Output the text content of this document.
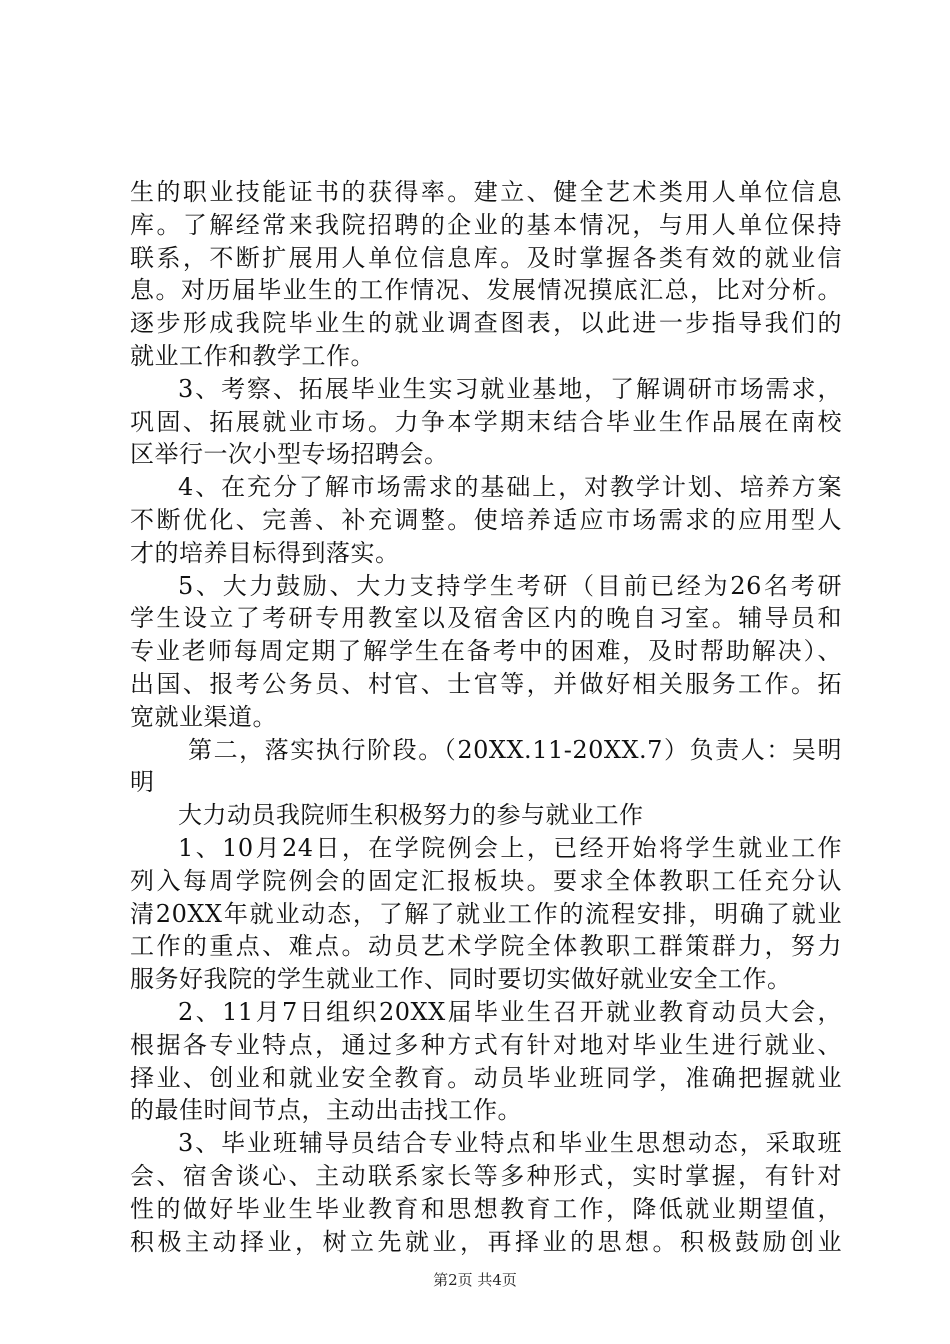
生的职业技能证书的获得率。建立、健全艺术类用人单位信息
库。了解经常来我院招聘的企业的基本情况，与用人单位保持
联系，不断扩展用人单位信息库。及时掌握各类有效的就业信
息。对历届毕业生的工作情况、发展情况摸底汇总，比对分析。
逐步形成我院毕业生的就业调查图表，以此进一步指导我们的
就业工作和教学工作。
3、考察、拓展毕业生实习就业基地，了解调研市场需求，
巩固、拓展就业市场。力争本学期末结合毕业生作品展在南校
区举行一次小型专场招聘会。
4、在充分了解市场需求的基础上，对教学计划、培养方案
不断优化、完善、补充调整。使培养适应市场需求的应用型人
才的培养目标得到落实。
5、大力鼓励、大力支持学生考研（目前已经为26名考研
学生设立了考研专用教室以及宿舍区内的晚自习室。辅导员和
专业老师每周定期了解学生在备考中的困难，及时帮助解决）、
出国、报考公务员、村官、士官等，并做好相关服务工作。拓
宽就业渠道。
第二，落实执行阶段。（20XX.11-20XX.7）负责人：吴明
明
大力动员我院师生积极努力的参与就业工作
1、10月24日，在学院例会上，已经开始将学生就业工作
列入每周学院例会的固定汇报板块。要求全体教职工任充分认
清20XX年就业动态，了解了就业工作的流程安排，明确了就业
工作的重点、难点。动员艺术学院全体教职工群策群力，努力
服务好我院的学生就业工作、同时要切实做好就业安全工作。
2、11月7日组织20XX届毕业生召开就业教育动员大会，
根据各专业特点，通过多种方式有针对地对毕业生进行就业、
择业、创业和就业安全教育。动员毕业班同学，准确把握就业
的最佳时间节点，主动出击找工作。
3、毕业班辅导员结合专业特点和毕业生思想动态，采取班
会、宿舍谈心、主动联系家长等多种形式，实时掌握，有针对
性的做好毕业生毕业教育和思想教育工作，降低就业期望值，
积极主动择业，树立先就业，再择业的思想。积极鼓励创业
第2页 共4页
